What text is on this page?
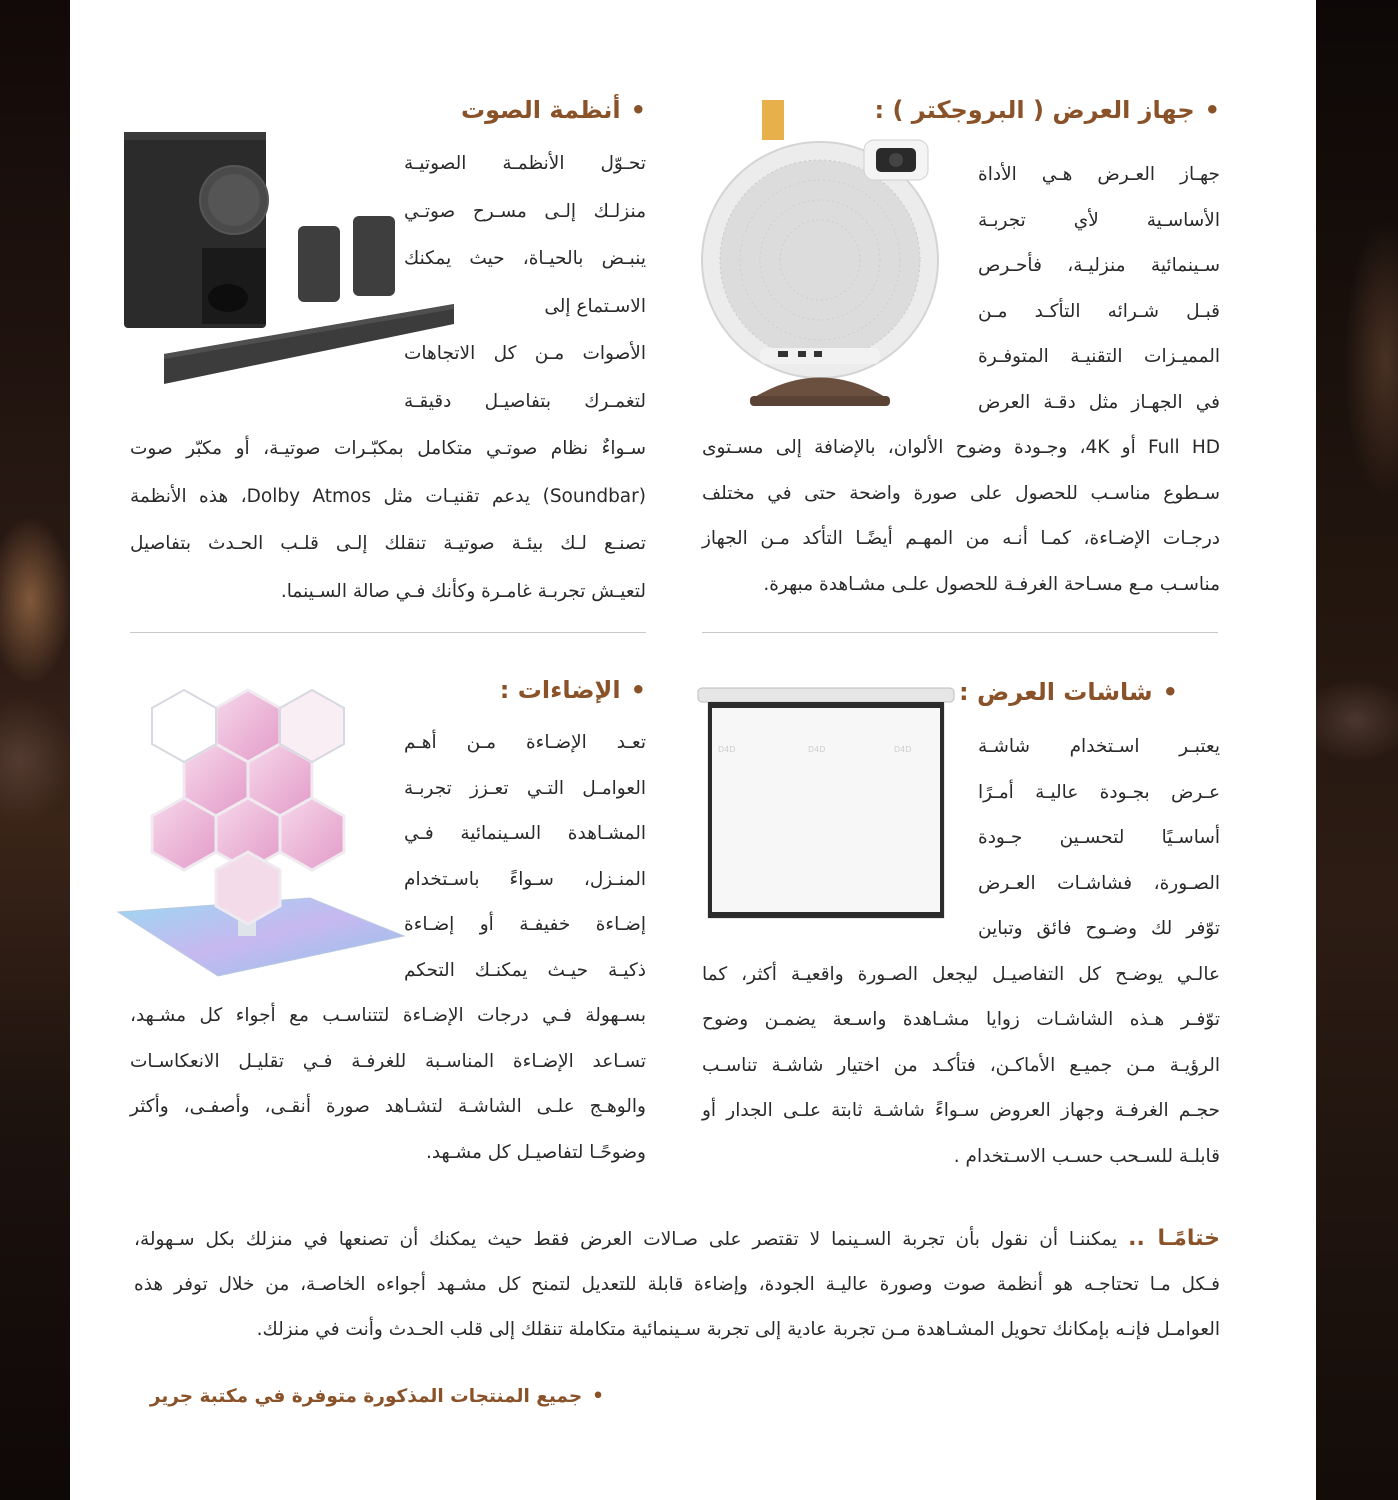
•جهاز العرض ( البروجكتر ) :
جهـاز العـرض هـي الأداة
الأساسـية لأي تجربـة
سـينمائية منزليـة، فأحـرص
قبـل شـرائه التأكـد مـن
المميـزات التقنيـة المتوفـرة
في الجهـاز مثل دقـة العرض
Full HD أو 4K، وجـودة وضوح الألوان، بالإضافة إلى مسـتوى
سـطوع مناسـب للحصول على صورة واضحة حتى في مختلف
درجـات الإضـاءة، كمـا أنـه من المهـم أيضًـا التأكد مـن الجهاز
مناسـب مـع مسـاحة الغرفـة للحصول علـى مشـاهدة مبهرة.
•أنظمة الصوت
تحـوّل الأنظمـة الصوتيـة
منزلـك إلـى مسـرح صوتـي
ينبـض بالحيـاة، حيث يمكنك
الاسـتماع إلى
الأصوات مـن كل الاتجاهات
لتغمـرك بتفاصيـل دقيقـة
سـواءٌ نظام صوتـي متكامل بمكبّـرات صوتيـة، أو مكبّر صوت
(Soundbar) يدعم تقنيـات مثل Dolby Atmos، هذه الأنظمة
تصنـع لـك بيئـة صوتيـة تنقلك إلـى قلـب الحـدث بتفاصيل
لتعيـش تجربـة غامـرة وكأنك فـي صالة السـينما.
•شاشات العرض :
D4D	D4D	D4D	يعتبـر اسـتخدام شاشـة
عـرض بجـودة عاليـة أمـرًا
أساسـيًا لتحسـين جـودة
الصـورة، فشاشـات العـرض
توّفر لك وضـوح فائق وتباين
عالـي يوضـح كل التفاصيـل ليجعل الصـورة واقعيـة أكثر، كما
توّفـر هـذه الشاشـات زوايا مشـاهدة واسـعة يضمـن وضوح
الرؤيـة مـن جميـع الأماكـن، فتأكـد من اختيار شاشـة تناسـب
حجـم الغرفـة وجهاز العروض سـواءً شاشـة ثابتة علـى الجدار أو
قابلـة للسـحب حسـب الاسـتخدام .
•الإضاءات :
تعـد الإضـاءة مـن أهـم
العوامـل التـي تعـزز تجربـة
المشـاهدة السـينمائية فـي
المنـزل، سـواءً باسـتخدام
إضـاءة خفيفـة أو إضـاءة
ذكيـة حيـث يمكنـك التحكم
بسـهولة فـي درجات الإضـاءة لتتناسـب مع أجواء كل مشـهد،
تسـاعد الإضـاءة المناسـبة للغرفـة فـي تقليـل الانعكاسـات
والوهـج علـى الشاشـة لتشـاهد صورة أنقـى، وأصفـى، وأكثر
وضوحًـا لتفاصيـل كل مشـهد.
ختامًـا .. يمكننـا أن نقول بأن تجربة السـينما لا تقتصر على صـالات العرض فقط حيث يمكنك أن تصنعها في منزلك بكل سـهولة،
فـكل مـا تحتاجـه هو أنظمة صوت وصورة عاليـة الجودة، وإضاءة قابلة للتعديل لتمنح كل مشـهد أجواءه الخاصـة، من خلال توفر هذه
العوامـل فإنـه بإمكانك تحويل المشـاهدة مـن تجربة عادية إلى تجربة سـينمائية متكاملة تنقلك إلى قلب الحـدث وأنت في منزلك.
•جميع المنتجات المذكورة متوفرة في مكتبة جرير
